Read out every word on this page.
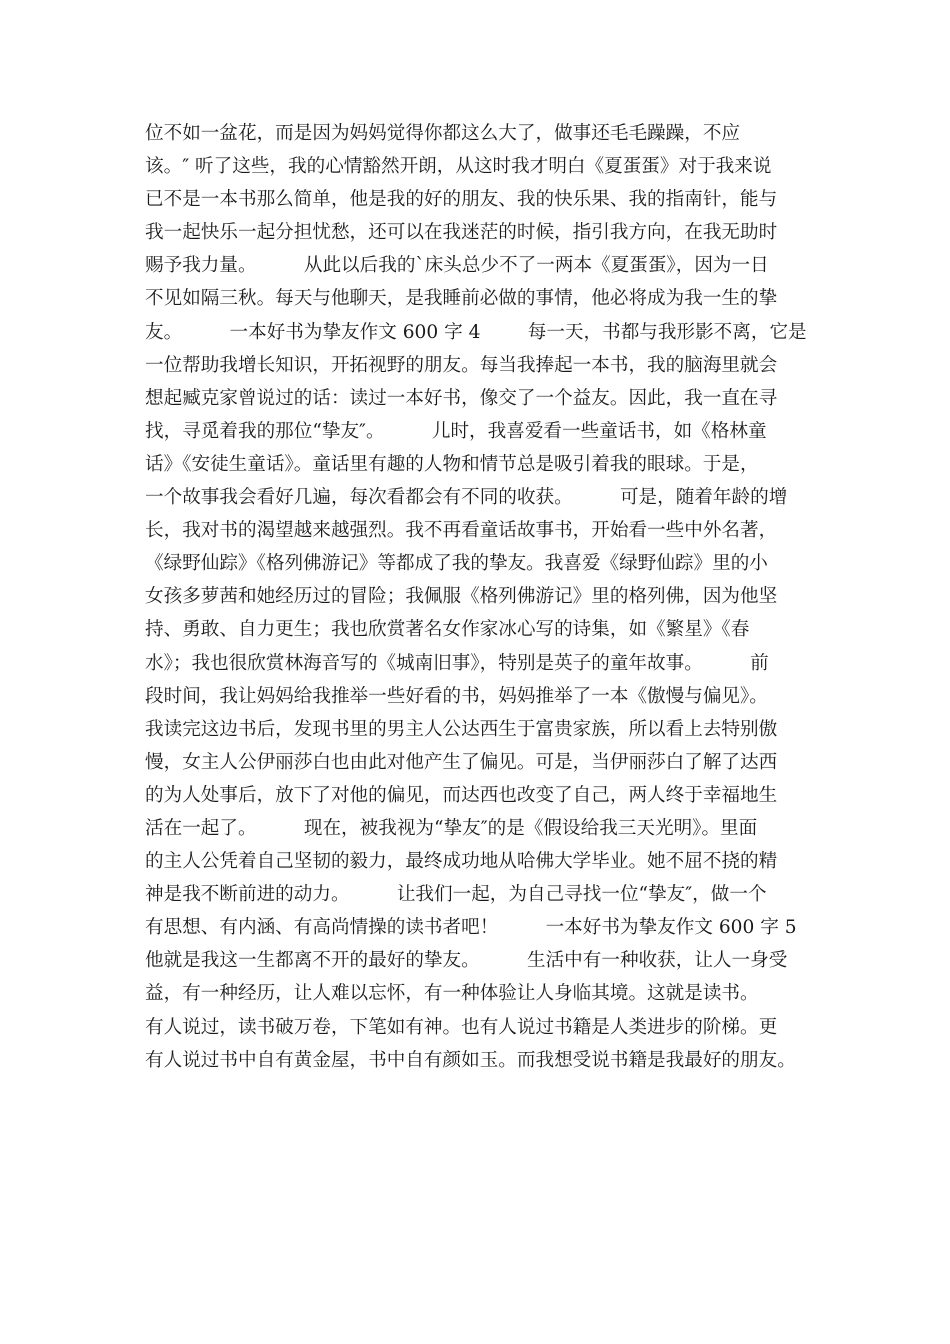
位不如一盆花，而是因为妈妈觉得你都这么大了，做事还毛毛躁躁，不应
该。″ 听了这些，我的心情豁然开朗，从这时我才明白《夏蛋蛋》对于我来说
已不是一本书那么简单，他是我的好的朋友、我的快乐果、我的指南针，能与
我一起快乐一起分担忧愁，还可以在我迷茫的时候，指引我方向，在我无助时
赐予我力量。        从此以后我的`床头总少不了一两本《夏蛋蛋》，因为一日
不见如隔三秋。每天与他聊天，是我睡前必做的事情，他必将成为我一生的挚
友。        一本好书为挚友作文 600 字 4        每一天，书都与我形影不离，它是
一位帮助我增长知识，开拓视野的朋友。每当我捧起一本书，我的脑海里就会
想起臧克家曾说过的话：读过一本好书，像交了一个益友。因此，我一直在寻
找，寻觅着我的那位“挚友″。        儿时，我喜爱看一些童话书，如《格林童
话》《安徒生童话》。童话里有趣的人物和情节总是吸引着我的眼球。于是，
一个故事我会看好几遍，每次看都会有不同的收获。        可是，随着年龄的增
长，我对书的渴望越来越强烈。我不再看童话故事书，开始看一些中外名著，
《绿野仙踪》《格列佛游记》等都成了我的挚友。我喜爱《绿野仙踪》里的小
女孩多萝茜和她经历过的冒险；我佩服《格列佛游记》里的格列佛，因为他坚
持、勇敢、自力更生；我也欣赏著名女作家冰心写的诗集，如《繁星》《春
水》；我也很欣赏林海音写的《城南旧事》，特别是英子的童年故事。        前
段时间，我让妈妈给我推举一些好看的书，妈妈推举了一本《傲慢与偏见》。
我读完这边书后，发现书里的男主人公达西生于富贵家族，所以看上去特别傲
慢，女主人公伊丽莎白也由此对他产生了偏见。可是，当伊丽莎白了解了达西
的为人处事后，放下了对他的偏见，而达西也改变了自己，两人终于幸福地生
活在一起了。        现在，被我视为“挚友″的是《假设给我三天光明》。里面
的主人公凭着自己坚韧的毅力，最终成功地从哈佛大学毕业。她不屈不挠的精
神是我不断前进的动力。        让我们一起，为自己寻找一位“挚友″，做一个
有思想、有内涵、有高尚情操的读书者吧！        一本好书为挚友作文 600 字 5
他就是我这一生都离不开的最好的挚友。        生活中有一种收获，让人一身受
益，有一种经历，让人难以忘怀，有一种体验让人身临其境。这就是读书。
有人说过，读书破万卷，下笔如有神。也有人说过书籍是人类进步的阶梯。更
有人说过书中自有黄金屋，书中自有颜如玉。而我想受说书籍是我最好的朋友。
